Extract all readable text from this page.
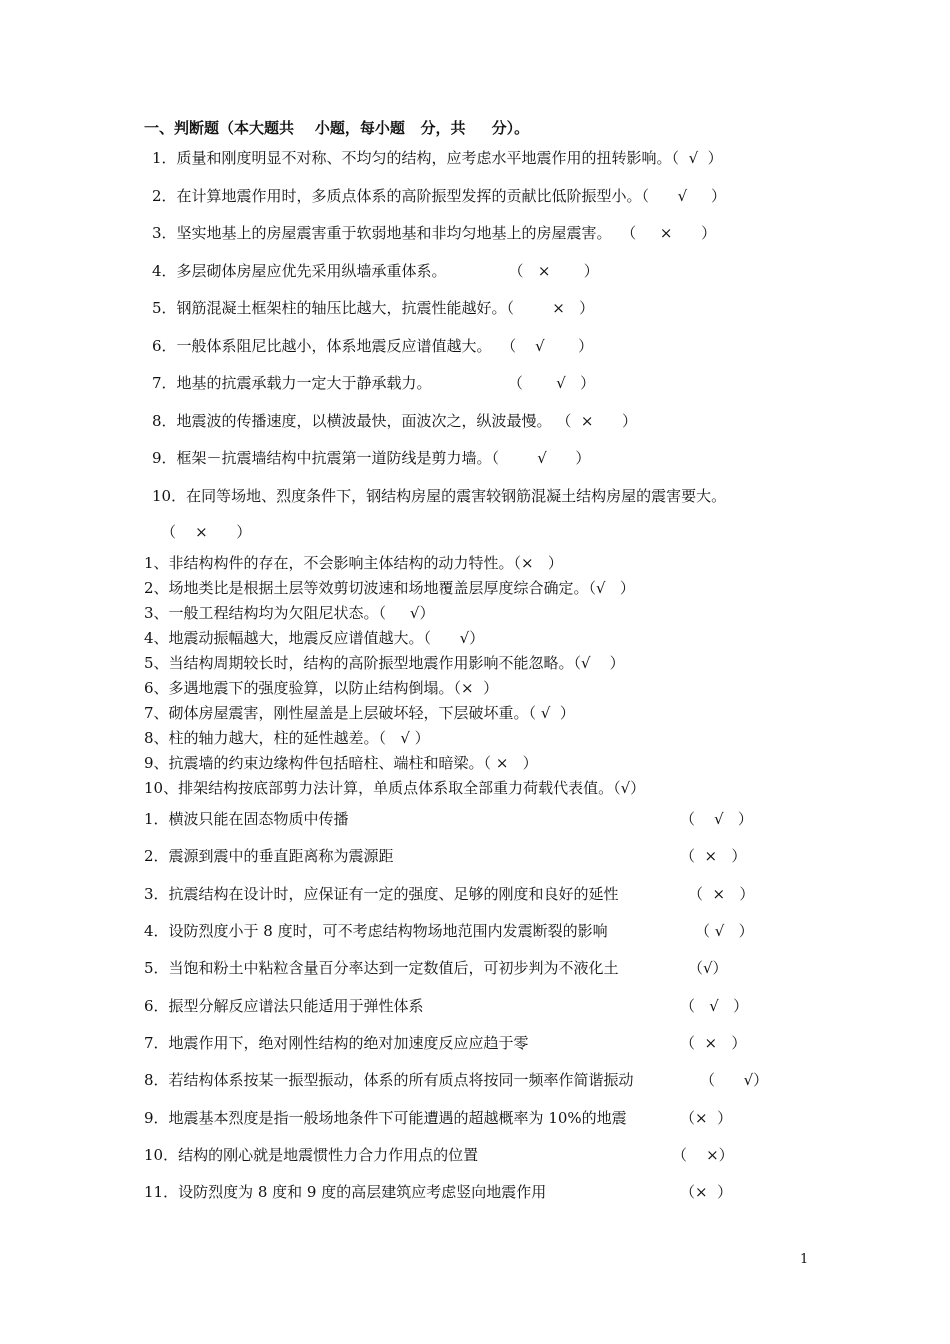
一、判断题（本大题共    小题，每小题   分，共     分）。
1．质量和刚度明显不对称、不均匀的结构，应考虑水平地震作用的扭转影响。（  √  ）
2．在计算地震作用时，多质点体系的高阶振型发挥的贡献比低阶振型小。（      √     ）
3．坚实地基上的房屋震害重于软弱地基和非均匀地基上的房屋震害。  （     ×      ）
4．多层砌体房屋应优先采用纵墙承重体系。             （   ×       ）
5．钢筋混凝土框架柱的轴压比越大，抗震性能越好。（        ×   ）
6．一般体系阻尼比越小，体系地震反应谱值越大。  （    √       ）
7．地基的抗震承载力一定大于静承载力。                （       √   ）
8．地震波的传播速度，以横波最快，面波次之，纵波最慢。 （  ×      ）
9．框架－抗震墙结构中抗震第一道防线是剪力墙。（        √      ）
10．在同等场地、烈度条件下，钢结构房屋的震害较钢筋混凝土结构房屋的震害要大。
（    ×      ）
1、非结构构件的存在，不会影响主体结构的动力特性。（×   ）
2、场地类比是根据土层等效剪切波速和场地覆盖层厚度综合确定。（√   ）
3、一般工程结构均为欠阻尼状态。（     √）
4、地震动振幅越大，地震反应谱值越大。（      √）
5、当结构周期较长时，结构的高阶振型地震作用影响不能忽略。（√    ）
6、多遇地震下的强度验算，以防止结构倒塌。（×  ）
7、砌体房屋震害，刚性屋盖是上层破坏轻，下层破坏重。（ √  ）
8、柱的轴力越大，柱的延性越差。（   √ ）
9、抗震墙的约束边缘构件包括暗柱、端柱和暗梁。（ ×   ）
10、排架结构按底部剪力法计算，单质点体系取全部重力荷载代表值。（√）
1．横波只能在固态物质中传播	（    √   ）
2．震源到震中的垂直距离称为震源距	（  ×   ）
3．抗震结构在设计时，应保证有一定的强度、足够的刚度和良好的延性	（  ×   ）
4．设防烈度小于 8 度时，可不考虑结构物场地范围内发震断裂的影响	（ √   ）
5．当饱和粉土中粘粒含量百分率达到一定数值后，可初步判为不液化土	（√）
6．振型分解反应谱法只能适用于弹性体系	（   √   ）
7．地震作用下，绝对刚性结构的绝对加速度反应应趋于零	（  ×   ）
8．若结构体系按某一振型振动，体系的所有质点将按同一频率作简谐振动	（      √）
9．地震基本烈度是指一般场地条件下可能遭遇的超越概率为 10%的地震	（×  ）
10．结构的刚心就是地震惯性力合力作用点的位置	（    ×）
11．设防烈度为 8 度和 9 度的高层建筑应考虑竖向地震作用	（×  ）
1
